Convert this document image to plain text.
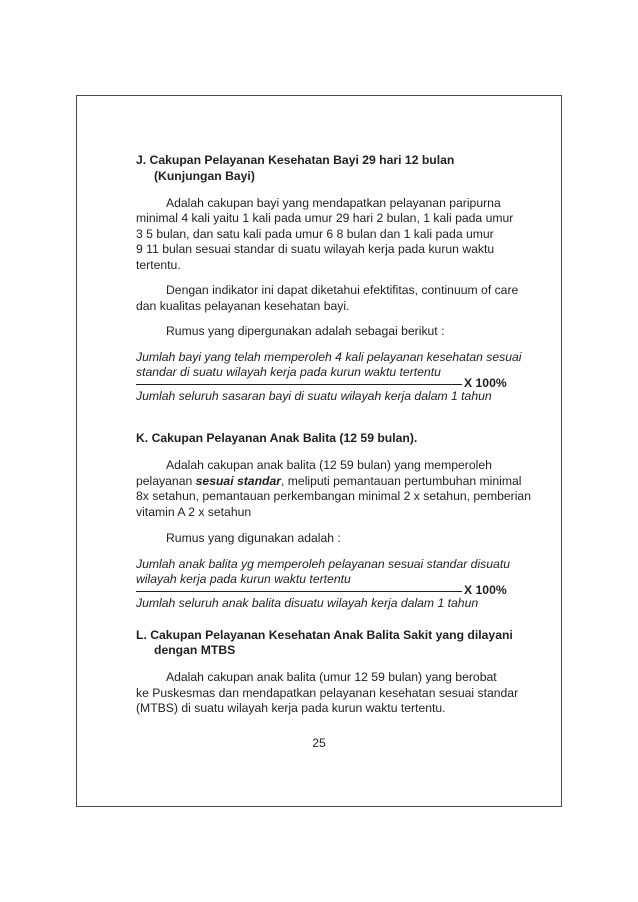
J. Cakupan Pelayanan Kesehatan Bayi 29 hari 12 bulan
(Kunjungan Bayi)
Adalah cakupan bayi yang mendapatkan pelayanan paripurna
minimal 4 kali yaitu 1 kali pada umur 29 hari 2 bulan, 1 kali pada umur
3 5 bulan, dan satu kali pada umur 6 8 bulan dan 1 kali pada umur
9 11 bulan sesuai standar di suatu wilayah kerja pada kurun waktu
tertentu.
Dengan indikator ini dapat diketahui efektifitas, continuum of care
dan kualitas pelayanan kesehatan bayi.
Rumus yang dipergunakan adalah sebagai berikut :
Jumlah bayi yang telah memperoleh 4 kali pelayanan kesehatan sesuai
standar di suatu wilayah kerja pada kurun waktu tertentu
X 100%
Jumlah seluruh sasaran bayi di suatu wilayah kerja dalam 1 tahun
K. Cakupan Pelayanan Anak Balita (12 59 bulan).
Adalah cakupan anak balita (12 59 bulan) yang memperoleh
pelayanan sesuai standar, meliputi pemantauan pertumbuhan minimal
8x setahun, pemantauan perkembangan minimal 2 x setahun, pemberian
vitamin A 2 x setahun
Rumus yang digunakan adalah :
Jumlah anak balita yg memperoleh pelayanan sesuai standar disuatu
wilayah kerja pada kurun waktu tertentu
X 100%
Jumlah seluruh anak balita disuatu wilayah kerja dalam 1 tahun
L. Cakupan Pelayanan Kesehatan Anak Balita Sakit yang dilayani
dengan MTBS
Adalah cakupan anak balita (umur 12 59 bulan) yang berobat
ke Puskesmas dan mendapatkan pelayanan kesehatan sesuai standar
(MTBS) di suatu wilayah kerja pada kurun waktu tertentu.
25
